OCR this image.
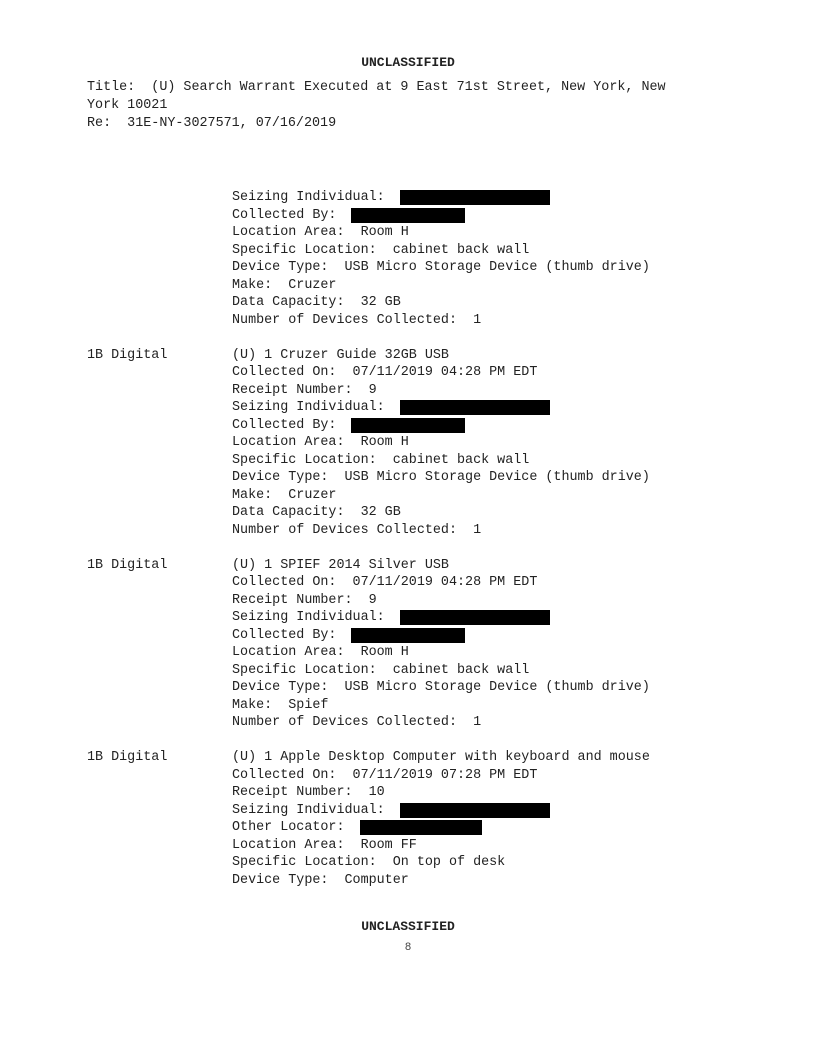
UNCLASSIFIED
Title:  (U) Search Warrant Executed at 9 East 71st Street, New York, New
York 10021
Re:  31E-NY-3027571, 07/16/2019
Seizing Individual:
Collected By:
Location Area:  Room H
Specific Location:  cabinet back wall
Device Type:  USB Micro Storage Device (thumb drive)
Make:  Cruzer
Data Capacity:  32 GB
Number of Devices Collected:  1
1B Digital	(U) 1 Cruzer Guide 32GB USB
Collected On:  07/11/2019 04:28 PM EDT
Receipt Number:  9
Seizing Individual:
Collected By:
Location Area:  Room H
Specific Location:  cabinet back wall
Device Type:  USB Micro Storage Device (thumb drive)
Make:  Cruzer
Data Capacity:  32 GB
Number of Devices Collected:  1
1B Digital	(U) 1 SPIEF 2014 Silver USB
Collected On:  07/11/2019 04:28 PM EDT
Receipt Number:  9
Seizing Individual:
Collected By:
Location Area:  Room H
Specific Location:  cabinet back wall
Device Type:  USB Micro Storage Device (thumb drive)
Make:  Spief
Number of Devices Collected:  1
1B Digital	(U) 1 Apple Desktop Computer with keyboard and mouse
Collected On:  07/11/2019 07:28 PM EDT
Receipt Number:  10
Seizing Individual:
Other Locator:
Location Area:  Room FF
Specific Location:  On top of desk
Device Type:  Computer
UNCLASSIFIED
8
